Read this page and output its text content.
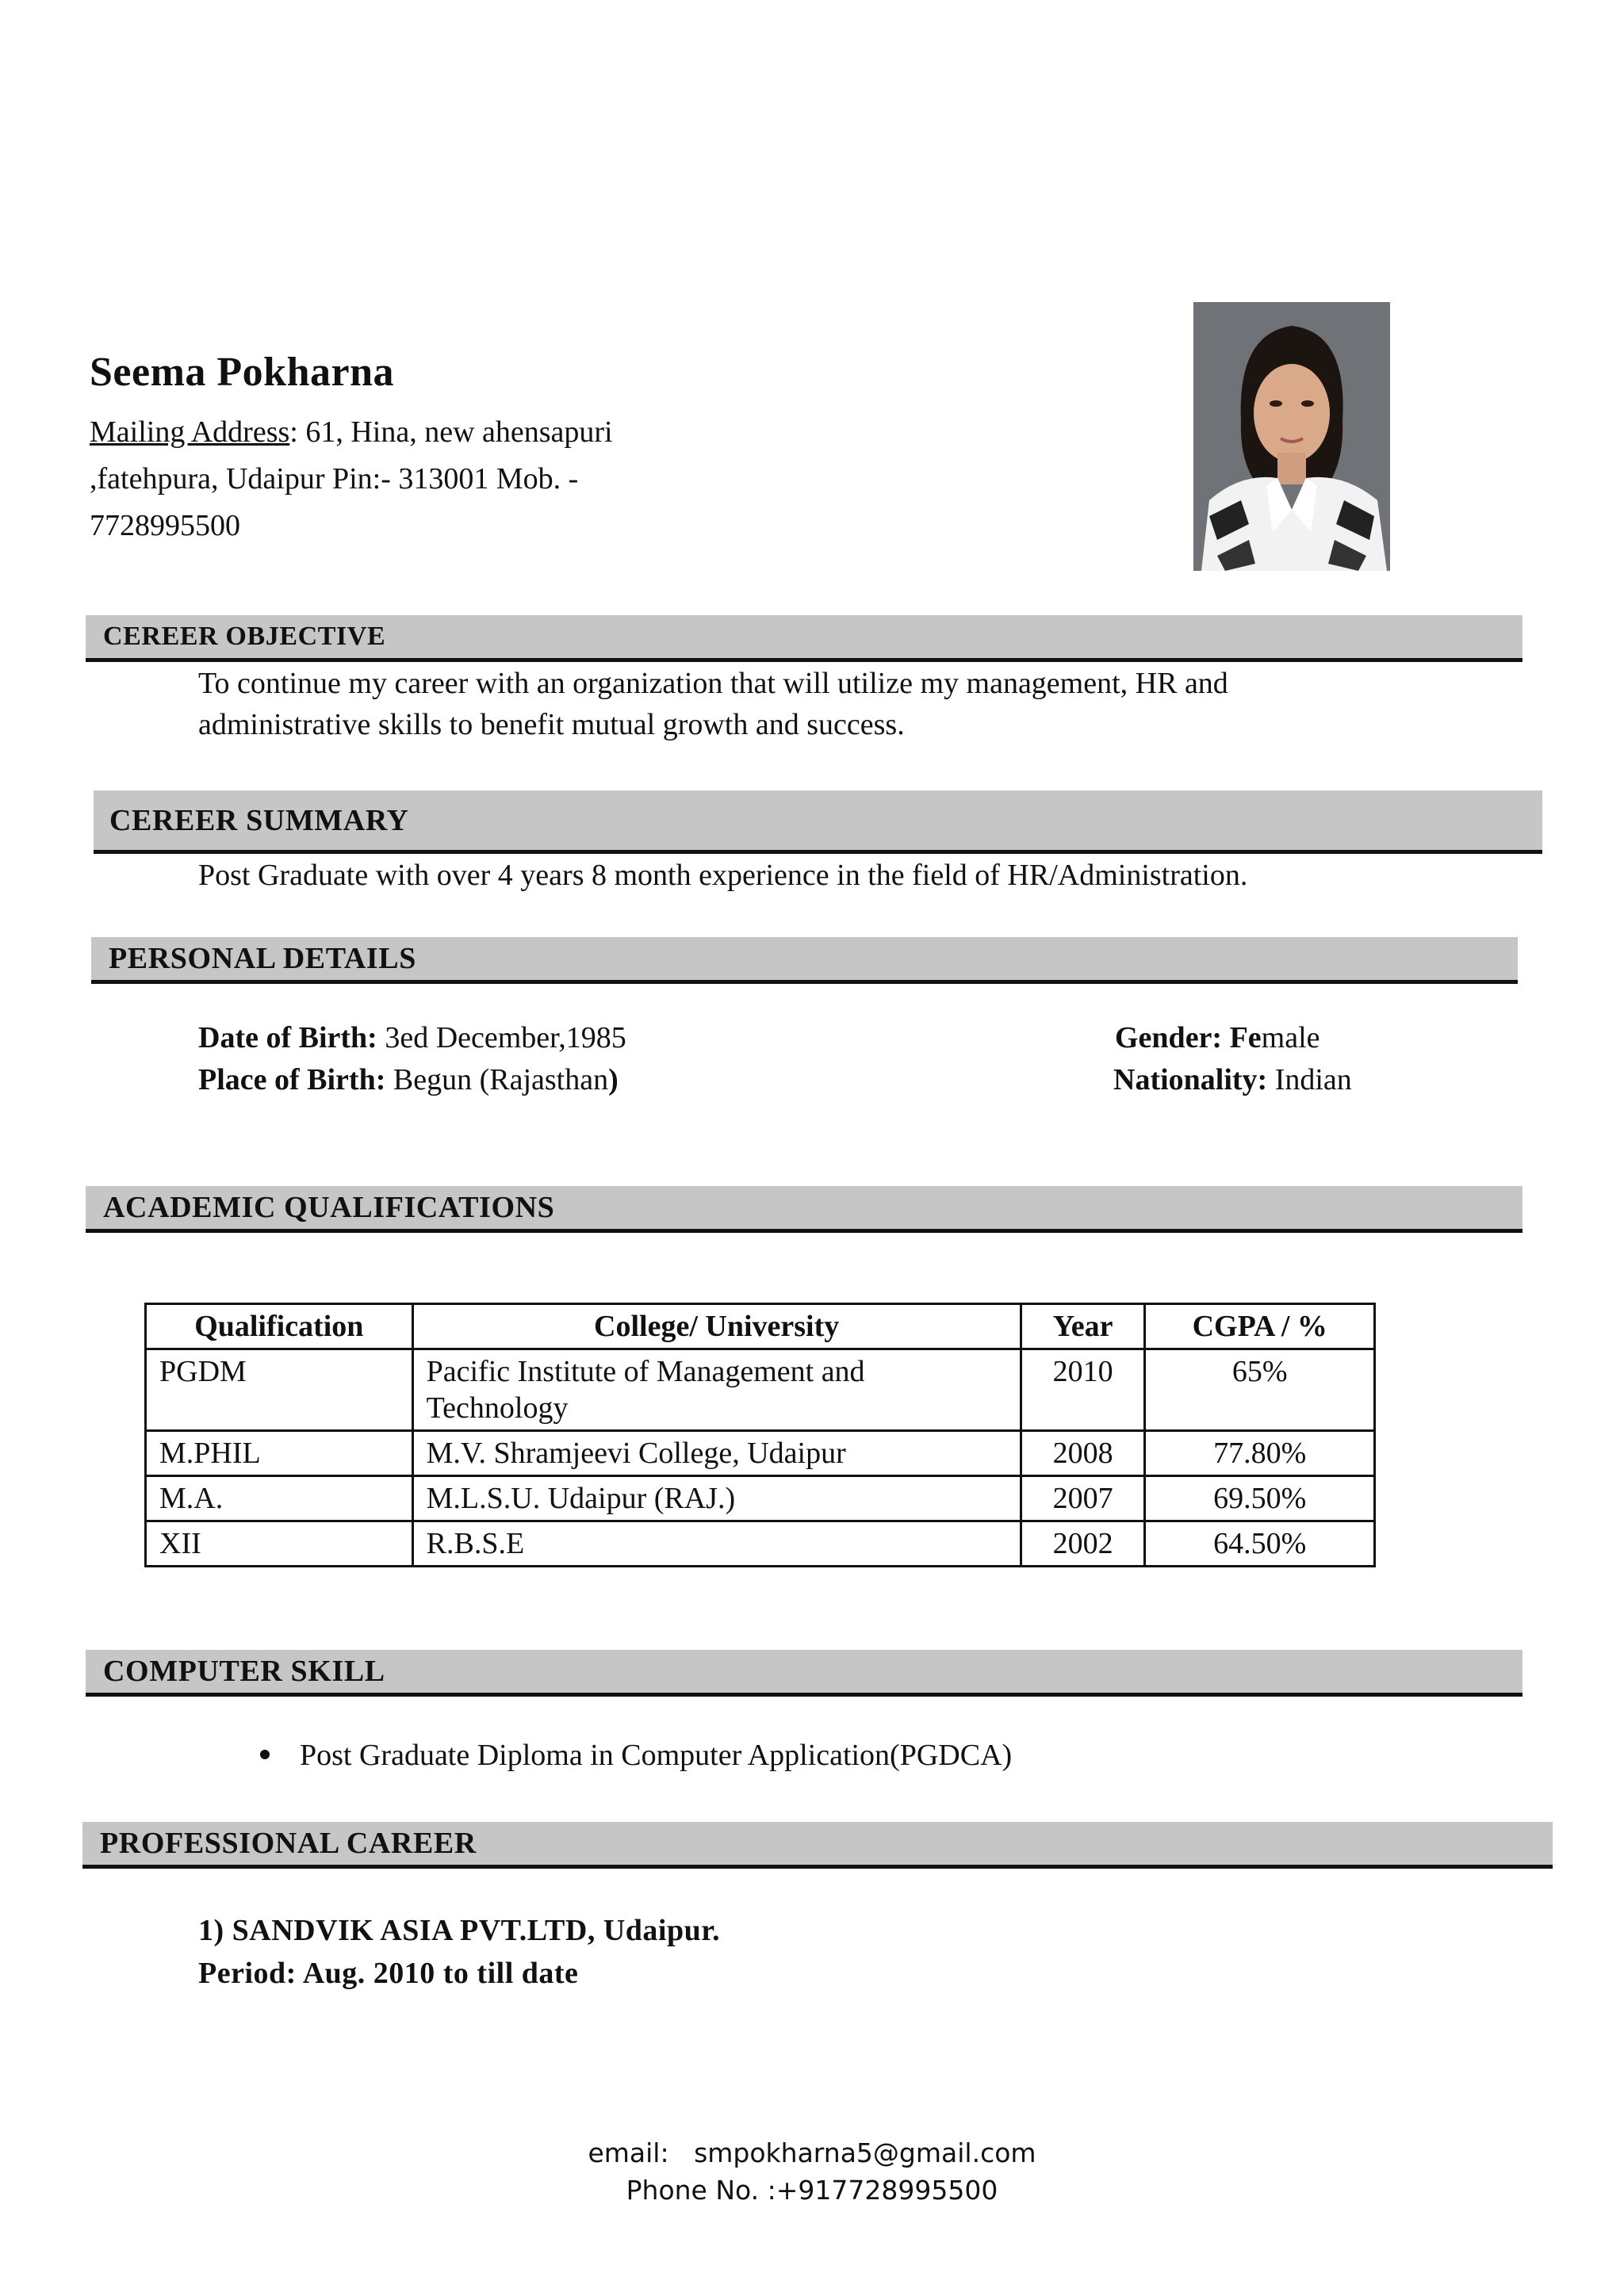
Seema Pokharna
Mailing Address: 61, Hina, new ahensapuri
,fatehpura, Udaipur Pin:- 313001 Mob. -
7728995500
CEREER OBJECTIVE
To continue my career with an organization that will utilize my management, HR and
administrative skills to benefit mutual growth and success.
CEREER SUMMARY
Post Graduate with over 4 years 8 month experience in the field of HR/Administration.
PERSONAL DETAILS
Date of Birth: 3ed December,1985
Place of Birth: Begun (Rajasthan)
Gender: Female
Nationality: Indian
ACADEMIC QUALIFICATIONS
Qualification	College/ University	Year	CGPA / %
PGDM	Pacific Institute of Management and Technology	2010	65%
M.PHIL	M.V. Shramjeevi College, Udaipur	2008	77.80%
M.A.	M.L.S.U. Udaipur (RAJ.)	2007	69.50%
XII	R.B.S.E	2002	64.50%
COMPUTER SKILL
Post Graduate Diploma in Computer Application(PGDCA)
PROFESSIONAL CAREER
1) SANDVIK ASIA PVT.LTD, Udaipur.
Period: Aug. 2010 to till date
email: smpokharna5@gmail.com
Phone No. :+917728995500
